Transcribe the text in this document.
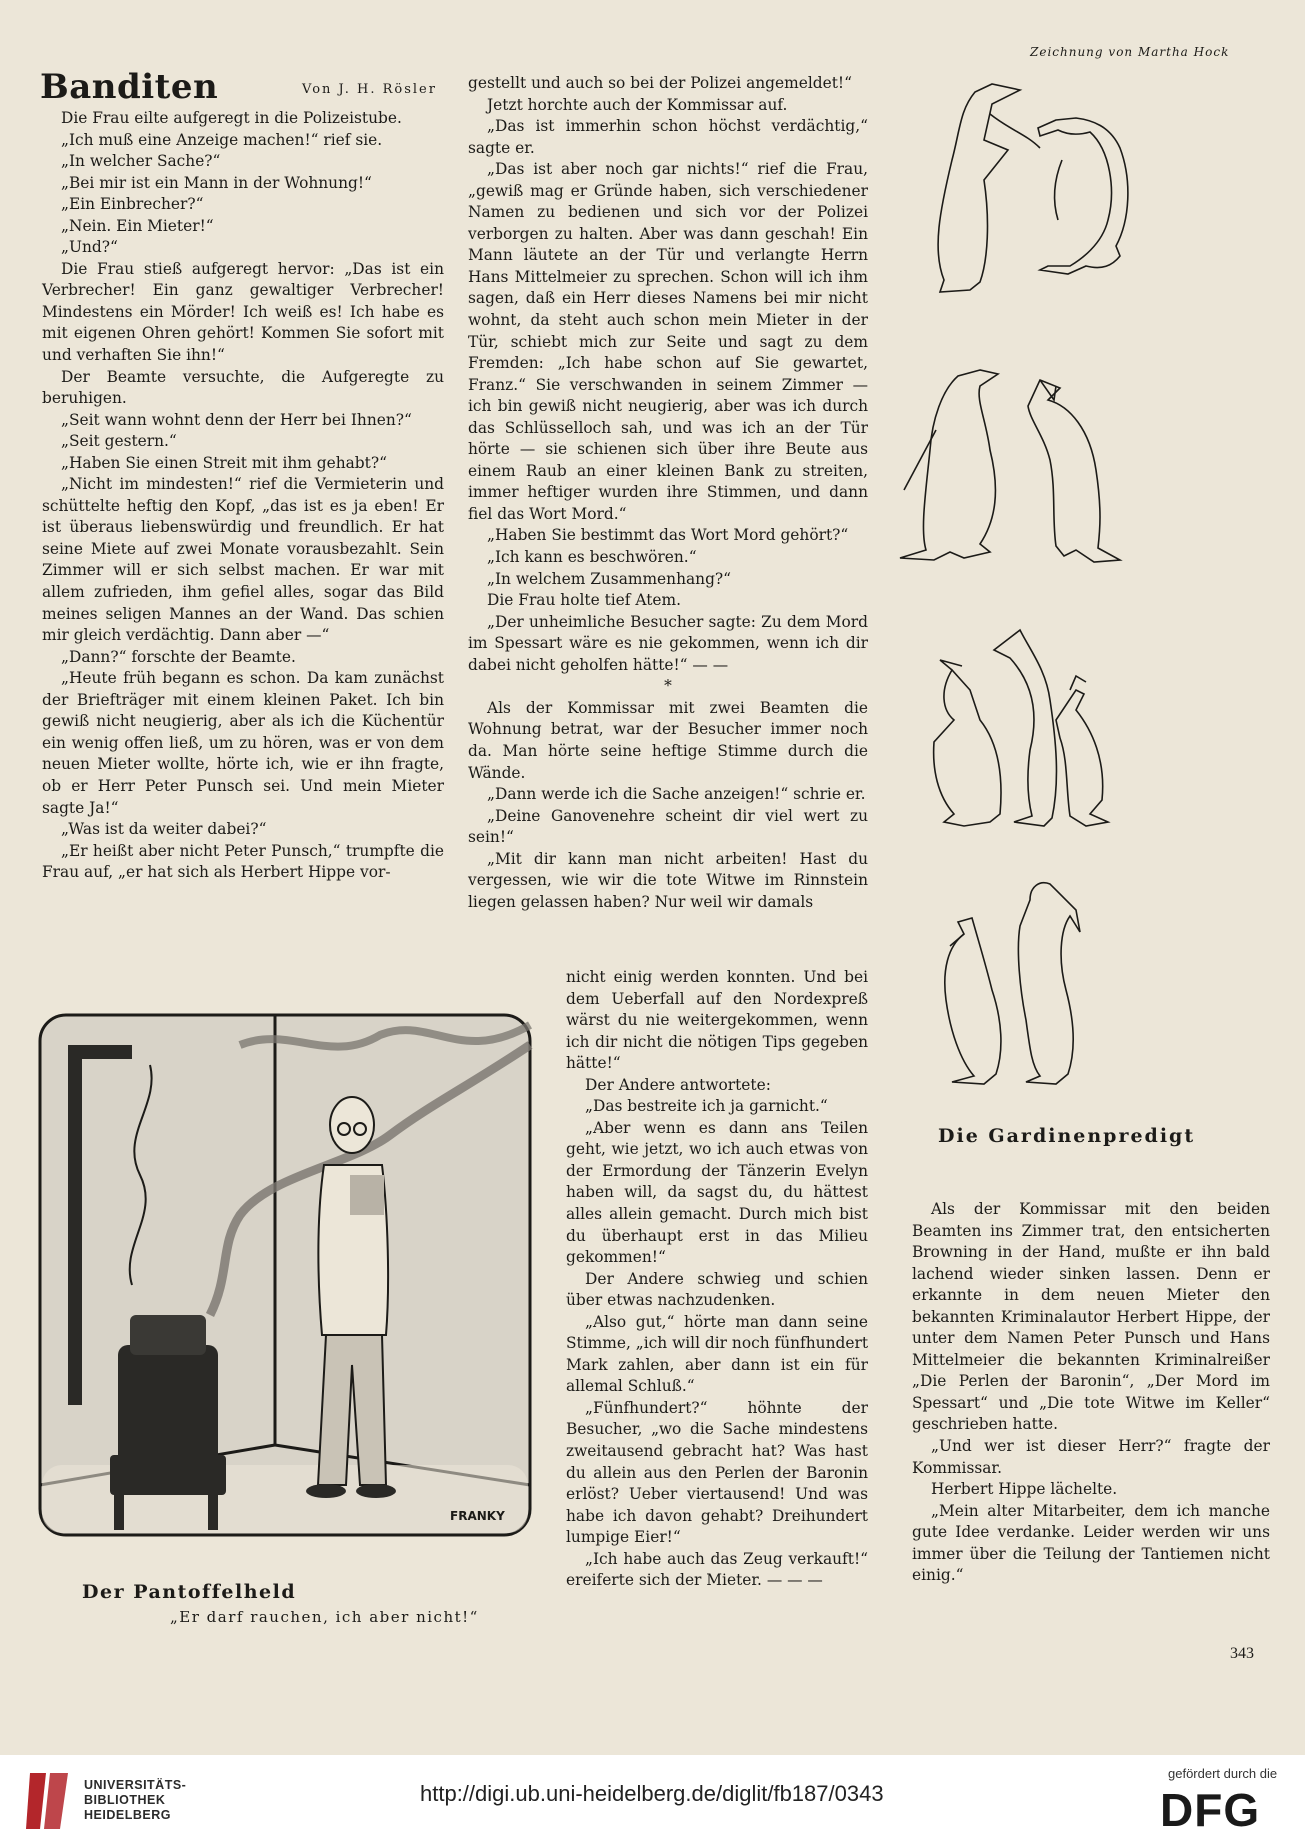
Zeichnung von Martha Hock
Banditen	Von J. H. Rösler

Die Frau eilte aufgeregt in die Polizeistube.

„Ich muß eine Anzeige machen!“ rief sie.

„In welcher Sache?“

„Bei mir ist ein Mann in der Wohnung!“

„Ein Einbrecher?“

„Nein. Ein Mieter!“

„Und?“

Die Frau stieß aufgeregt hervor: „Das ist ein Verbrecher! Ein ganz gewaltiger Verbrecher! Mindestens ein Mörder! Ich weiß es! Ich habe es mit eigenen Ohren gehört! Kommen Sie sofort mit und verhaften Sie ihn!“

Der Beamte versuchte, die Aufgeregte zu beruhigen.

„Seit wann wohnt denn der Herr bei Ihnen?“

„Seit gestern.“

„Haben Sie einen Streit mit ihm gehabt?“

„Nicht im mindesten!“ rief die Vermieterin und schüttelte heftig den Kopf, „das ist es ja eben! Er ist überaus liebenswürdig und freundlich. Er hat seine Miete auf zwei Monate vorausbezahlt. Sein Zimmer will er sich selbst machen. Er war mit allem zufrieden, ihm gefiel alles, sogar das Bild meines seligen Mannes an der Wand. Das schien mir gleich verdächtig. Dann aber —“

„Dann?“ forschte der Beamte.

„Heute früh begann es schon. Da kam zunächst der Briefträger mit einem kleinen Paket. Ich bin gewiß nicht neugierig, aber als ich die Küchentür ein wenig offen ließ, um zu hören, was er von dem neuen Mieter wollte, hörte ich, wie er ihn fragte, ob er Herr Peter Punsch sei. Und mein Mieter sagte Ja!“

„Was ist da weiter dabei?“

„Er heißt aber nicht Peter Punsch,“ trumpfte die Frau auf, „er hat sich als Herbert Hippe vor-

gestellt und auch so bei der Polizei angemeldet!“

Jetzt horchte auch der Kommissar auf.

„Das ist immerhin schon höchst verdächtig,“ sagte er.

„Das ist aber noch gar nichts!“ rief die Frau, „gewiß mag er Gründe haben, sich verschiedener Namen zu bedienen und sich vor der Polizei verborgen zu halten. Aber was dann geschah! Ein Mann läutete an der Tür und verlangte Herrn Hans Mittelmeier zu sprechen. Schon will ich ihm sagen, daß ein Herr dieses Namens bei mir nicht wohnt, da steht auch schon mein Mieter in der Tür, schiebt mich zur Seite und sagt zu dem Fremden: „Ich habe schon auf Sie gewartet, Franz.“ Sie verschwanden in seinem Zimmer — ich bin gewiß nicht neugierig, aber was ich durch das Schlüsselloch sah, und was ich an der Tür hörte — sie schienen sich über ihre Beute aus einem Raub an einer kleinen Bank zu streiten, immer heftiger wurden ihre Stimmen, und dann fiel das Wort Mord.“

„Haben Sie bestimmt das Wort Mord gehört?“

„Ich kann es beschwören.“

„In welchem Zusammenhang?“

Die Frau holte tief Atem.

„Der unheimliche Besucher sagte: Zu dem Mord im Spessart wäre es nie gekommen, wenn ich dir dabei nicht geholfen hätte!“ — —

*

Als der Kommissar mit zwei Beamten die Wohnung betrat, war der Besucher immer noch da. Man hörte seine heftige Stimme durch die Wände.

„Dann werde ich die Sache anzeigen!“ schrie er.

„Deine Ganovenehre scheint dir viel wert zu sein!“

„Mit dir kann man nicht arbeiten! Hast du vergessen, wie wir die tote Witwe im Rinnstein liegen gelassen haben? Nur weil wir damals

nicht einig werden konnten. Und bei dem Ueberfall auf den Nordexpreß wärst du nie weitergekommen, wenn ich dir nicht die nötigen Tips gegeben hätte!“

Der Andere antwortete:

„Das bestreite ich ja garnicht.“

„Aber wenn es dann ans Teilen geht, wie jetzt, wo ich auch etwas von der Ermordung der Tänzerin Evelyn haben will, da sagst du, du hättest alles allein gemacht. Durch mich bist du überhaupt erst in das Milieu gekommen!“

Der Andere schwieg und schien über etwas nachzudenken.

„Also gut,“ hörte man dann seine Stimme, „ich will dir noch fünfhundert Mark zahlen, aber dann ist ein für allemal Schluß.“

„Fünfhundert?“ höhnte der Besucher, „wo die Sache mindestens zweitausend gebracht hat? Was hast du allein aus den Perlen der Baronin erlöst? Ueber viertausend! Und was habe ich davon gehabt? Dreihundert lumpige Eier!“

„Ich habe auch das Zeug verkauft!“ ereiferte sich der Mieter. — — —

Als der Kommissar mit den beiden Beamten ins Zimmer trat, den entsicherten Browning in der Hand, mußte er ihn bald lachend wieder sinken lassen. Denn er erkannte in dem neuen Mieter den bekannten Kriminalautor Herbert Hippe, der unter dem Namen Peter Punsch und Hans Mittelmeier die bekannten Kriminalreißer „Die Perlen der Baronin“, „Der Mord im Spessart“ und „Die tote Witwe im Keller“ geschrieben hatte.

„Und wer ist dieser Herr?“ fragte der Kommissar.

Herbert Hippe lächelte.

„Mein alter Mitarbeiter, dem ich manche gute Idee verdanke. Leider werden wir uns immer über die Teilung der Tantiemen nicht einig.“

Die Gardinenpredigt
FRANKY
Der Pantoffelheld
„Er darf rauchen, ich aber nicht!“
343
UNIVERSITÄTS-
BIBLIOTHEK
HEIDELBERG
http://digi.ub.uni-heidelberg.de/diglit/fb187/0343
gefördert durch die
DFG
